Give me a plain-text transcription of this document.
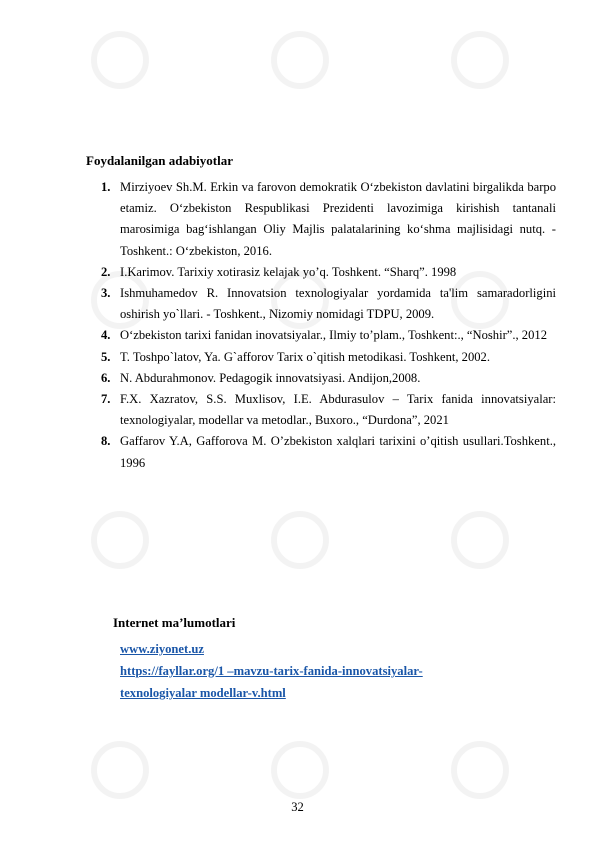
Foydalanilgan adabiyotlar
1. Mirziyoev Sh.M. Erkin va farovon demokratik O‘zbekiston davlatini birgalikda barpo etamiz. O‘zbekiston Respublikasi Prezidenti lavozimiga kirishish tantanali marosimiga bag‘ishlangan Oliy Majlis palatalarining ko‘shma majlisidagi nutq. -Toshkent.: O‘zbekiston, 2016.
2. I.Karimov. Tarixiy xotirasiz kelajak yo’q. Toshkent. “Sharq”. 1998
3. Ishmuhamedov R. Innovatsion texnologiyalar yordamida ta'lim samaradorligini oshirish yo`llari. - Toshkent., Nizomiy nomidagi TDPU, 2009.
4. O‘zbekiston tarixi fanidan inovatsiyalar., Ilmiy to’plam., Toshkent:., “Noshir”., 2012
5. T. Toshpo`latov, Ya. G`afforov Tarix o`qitish metodikasi. Toshkent, 2002.
6. N. Abdurahmonov. Pedagogik innovatsiyasi. Andijon,2008.
7. F.X. Xazratov, S.S. Muxlisov, I.E. Abdurasulov – Tarix fanida innovatsiyalar: texnologiyalar, modellar va metodlar., Buxoro., “Durdona”, 2021
8. Gaffarov Y.A, Gafforova M. O’zbekiston xalqlari tarixini o’qitish usullari.Toshkent., 1996
Internet ma’lumotlari
www.ziyonet.uz
https://fayllar.org/1 –mavzu-tarix-fanida-innovatsiyalar-
texnologiyalar modellar-v.html
32
